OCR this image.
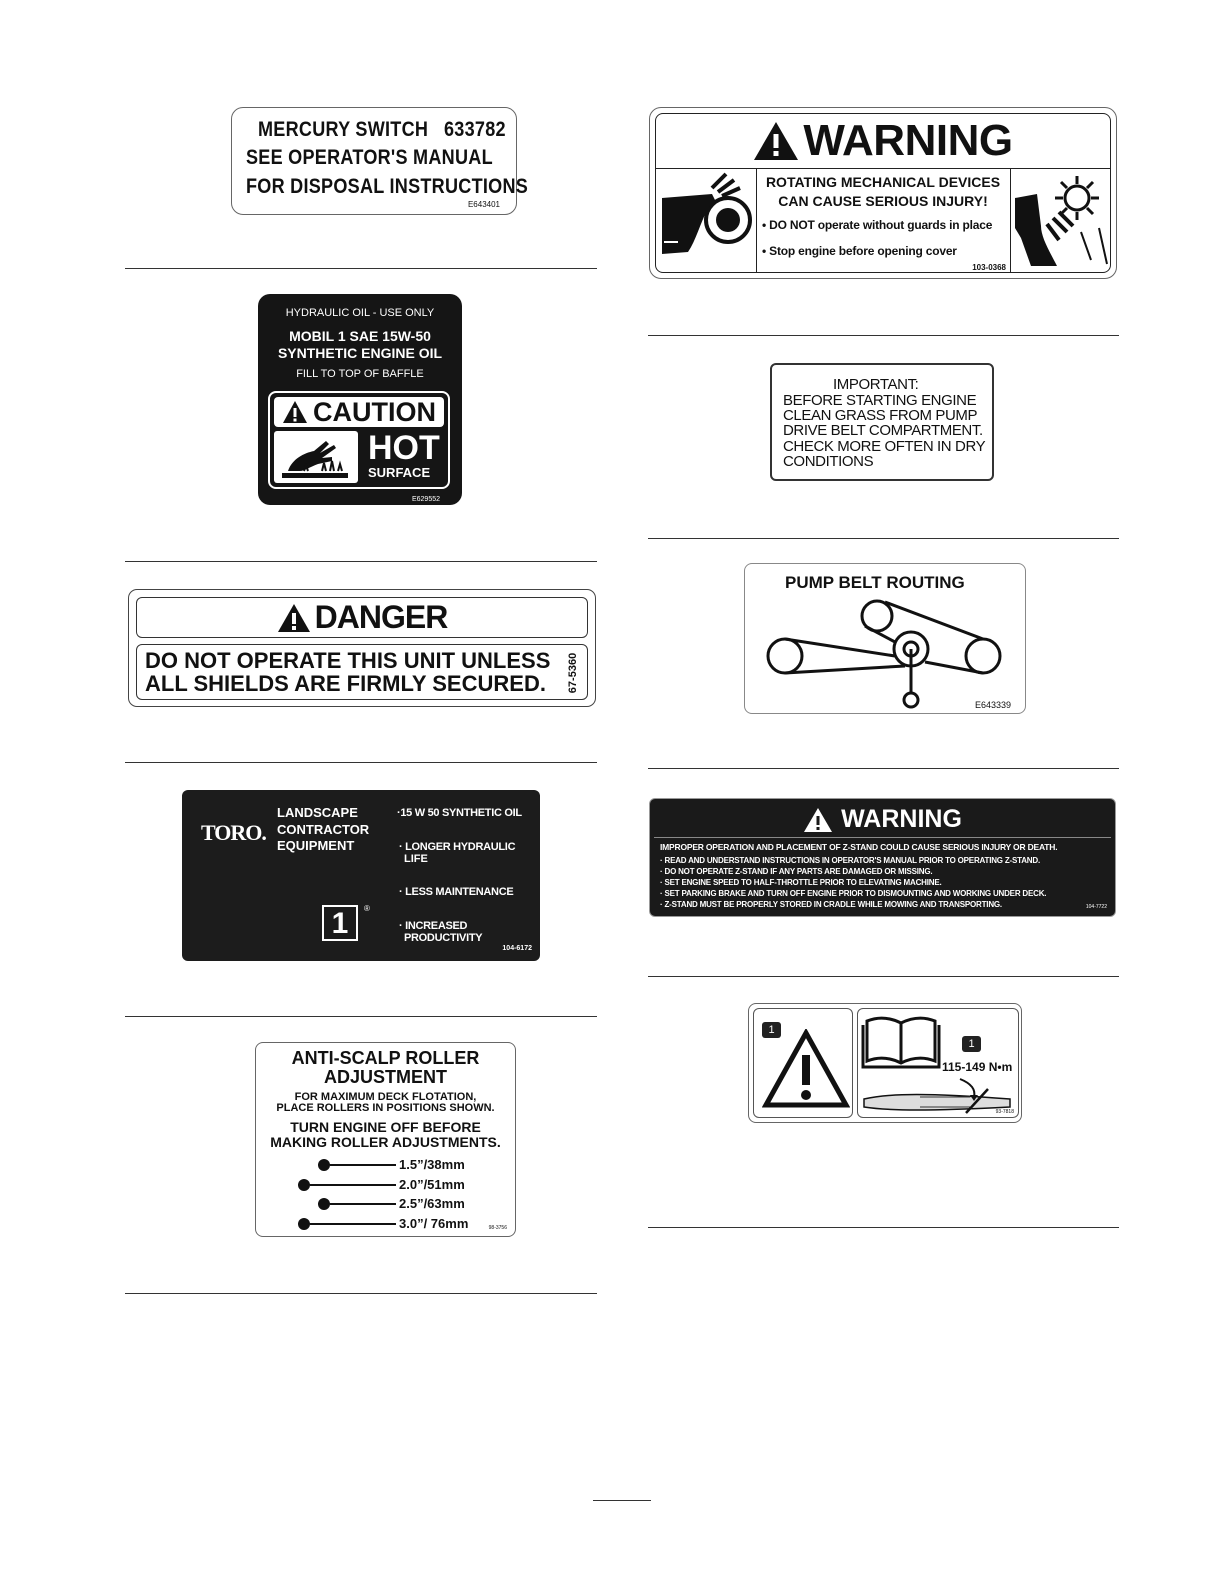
MERCURY SWITCH 633782
SEE OPERATOR'S MANUAL
FOR DISPOSAL INSTRUCTIONS
E643401
HYDRAULIC OIL - USE ONLY
MOBIL 1 SAE 15W-50
SYNTHETIC ENGINE OIL
FILL TO TOP OF BAFFLE
CAUTION
HOT
SURFACE
E629552
DANGER
DO NOT OPERATE THIS UNIT UNLESS
ALL SHIELDS ARE FIRMLY SECURED. 67-5360
TORO.
LANDSCAPE
CONTRACTOR
EQUIPMENT
·15 W 50 SYNTHETIC OIL
· LONGER HYDRAULIC
LIFE
· LESS MAINTENANCE
· INCREASED
PRODUCTIVITY
1	®
104-6172
ANTI-SCALP ROLLER
ADJUSTMENT
FOR MAXIMUM DECK FLOTATION,
PLACE ROLLERS IN POSITIONS SHOWN.
TURN ENGINE OFF BEFORE
MAKING ROLLER ADJUSTMENTS.
1.5”/38mm
2.0”/51mm
2.5”/63mm
3.0”/ 76mm	98-3756
WARNING
ROTATING MECHANICAL DEVICES
CAN CAUSE SERIOUS INJURY!
• DO NOT operate without guards in place
• Stop engine before opening cover
103-0368
IMPORTANT:
BEFORE STARTING ENGINE
CLEAN GRASS FROM PUMP
DRIVE BELT COMPARTMENT.
CHECK MORE OFTEN IN DRY
CONDITIONS
PUMP BELT ROUTING
E643339
WARNING
IMPROPER OPERATION AND PLACEMENT OF Z-STAND COULD CAUSE SERIOUS INJURY OR DEATH.
· READ AND UNDERSTAND INSTRUCTIONS IN OPERATOR'S MANUAL PRIOR TO OPERATING Z-STAND.
· DO NOT OPERATE Z-STAND IF ANY PARTS ARE DAMAGED OR MISSING.
· SET ENGINE SPEED TO HALF-THROTTLE PRIOR TO ELEVATING MACHINE.
· SET PARKING BRAKE AND TURN OFF ENGINE PRIOR TO DISMOUNTING AND WORKING UNDER DECK.
· Z-STAND MUST BE PROPERLY STORED IN CRADLE WHILE MOWING AND TRANSPORTING.	104-7722
1
1
115-149 N•m
93-7818
